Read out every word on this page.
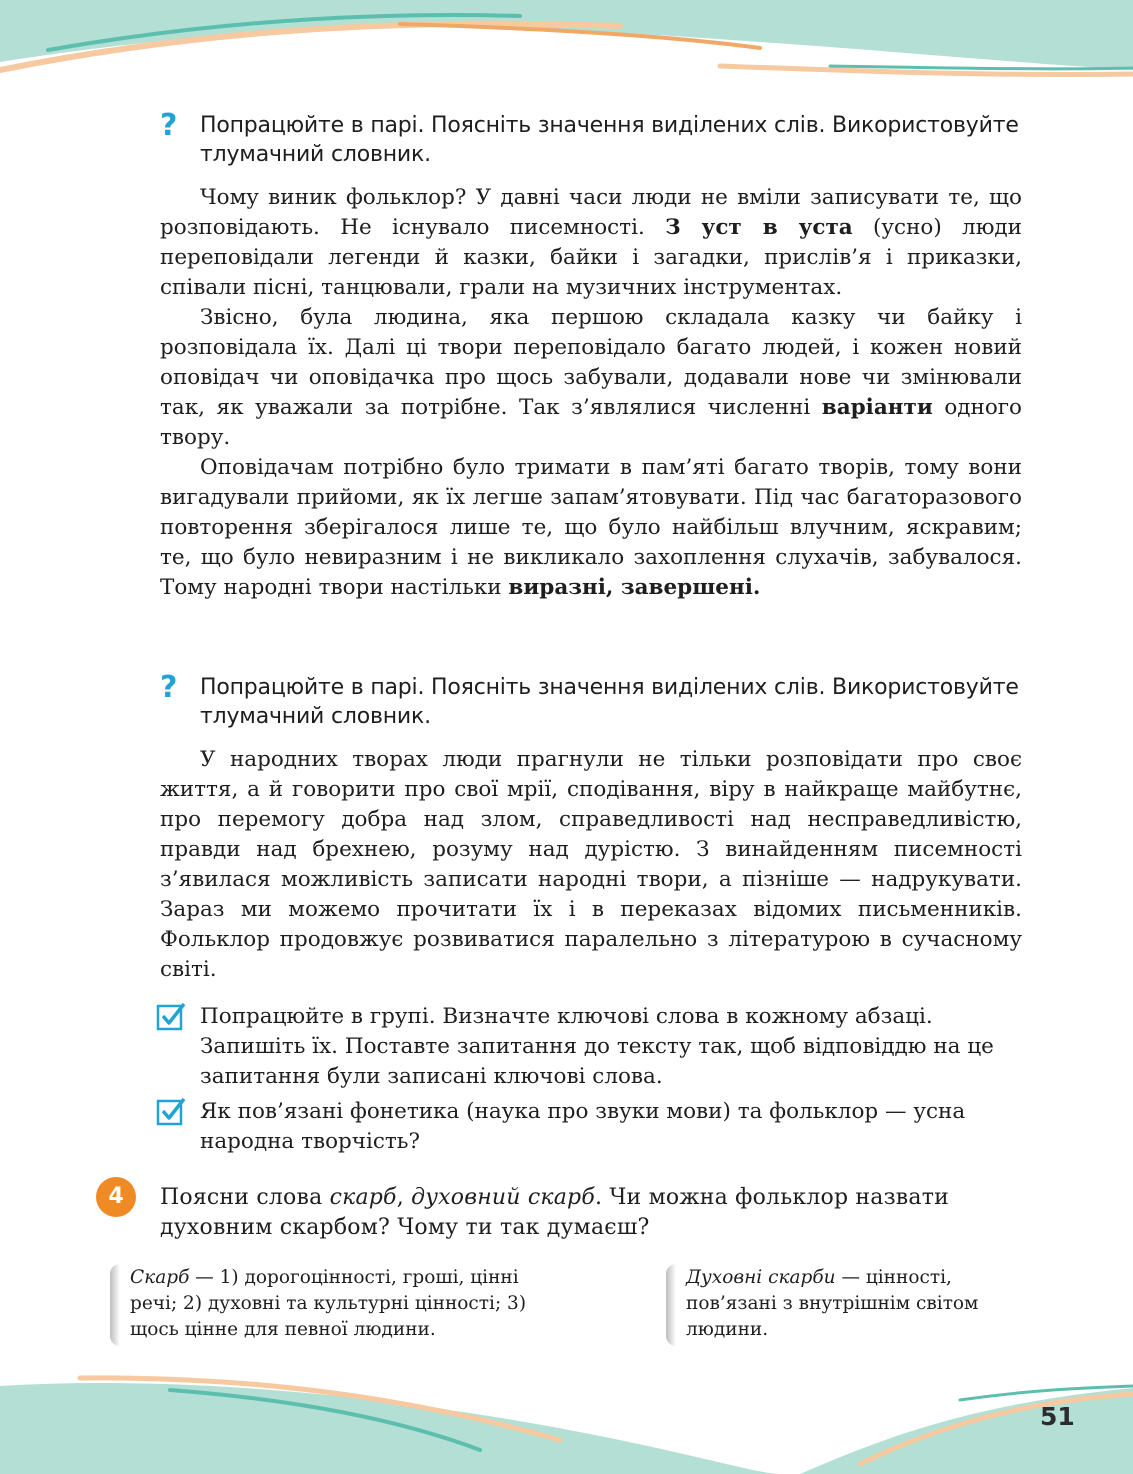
? Попрацюйте в парі. Поясніть значення виділених слів. Використовуйте тлумачний словник.

Чому виник фольклор? У давні часи люди не вміли записувати те, що розповідають. Не існувало писемності. З уст в уста (усно) люди переповідали легенди й казки, байки і загадки, прислів’я і приказки, співали пісні, танцювали, грали на музичних інструментах.

Звісно, була людина, яка першою складала казку чи байку і розповідала їх. Далі ці твори переповідало багато людей, і кожен новий оповідач чи оповідачка про щось забували, додавали нове чи змінювали так, як уважали за потрібне. Так з’являлися численні варіанти одного твору.

Оповідачам потрібно було тримати в пам’яті багато творів, тому вони вигадували прийоми, як їх легше запам’ятовувати. Під час багаторазового повторення зберігалося лише те, що було найбільш влучним, яскравим; те, що було невиразним і не викликало захоплення слухачів, забувалося. Тому народні твори настільки виразні, завершені.

? Попрацюйте в парі. Поясніть значення виділених слів. Використовуйте тлумачний словник.

У народних творах люди прагнули не тільки розповідати про своє життя, а й говорити про свої мрії, сподівання, віру в найкраще майбутнє, про перемогу добра над злом, справедливості над несправедливістю, правди над брехнею, розуму над дурістю. З винайденням писемності з’явилася можливість записати народні твори, а пізніше — надрукувати. Зараз ми можемо прочитати їх і в переказах відомих письменників. Фольклор продовжує розвиватися паралельно з літературою в сучасному світі.

Попрацюйте в групі. Визначте ключові слова в кожному абзаці. Запишіть їх. Поставте запитання до тексту так, щоб відповіддю на це запитання були записані ключові слова.
Як пов’язані фонетика (наука про звуки мови) та фольклор — усна народна творчість?
4	Поясни слова скарб, духовний скарб. Чи можна фольклор назвати духовним скарбом? Чому ти так думаєш?
Скарб — 1) дорогоцінності, гроші, цінні речі; 2) духовні та культурні цінності; 3) щось цінне для певної людини.
Духовні скарби — цінності, пов’язані з внутрішнім світом людини.
51
